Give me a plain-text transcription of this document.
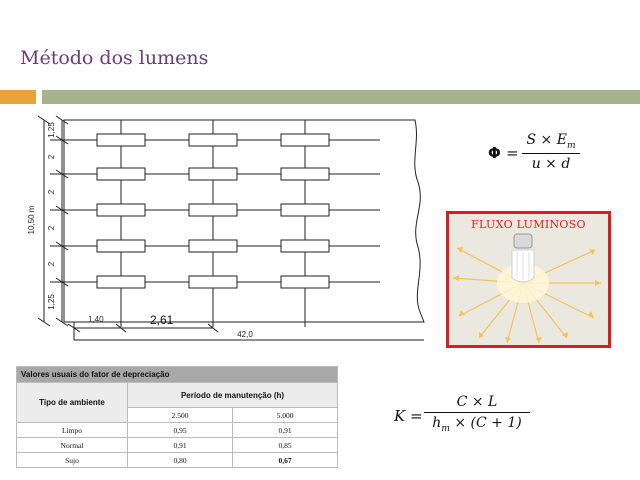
Método dos lumens
1,25
2
2
2
2
1,25
10,50 m
1,40
42,0
2,61
Φ =
$S \times E_m$
u × d
FLUXO LUMINOSO
Valores usuais do fator de depreciação		
Tipo de ambiente	Período de manutenção (h)	
	2.500	5.000
Limpo	0,95	0,91
Normal	0,91	0,85
Sujo	0,80	0,67
K =
C × L
$h_m \times (C + 1)$
